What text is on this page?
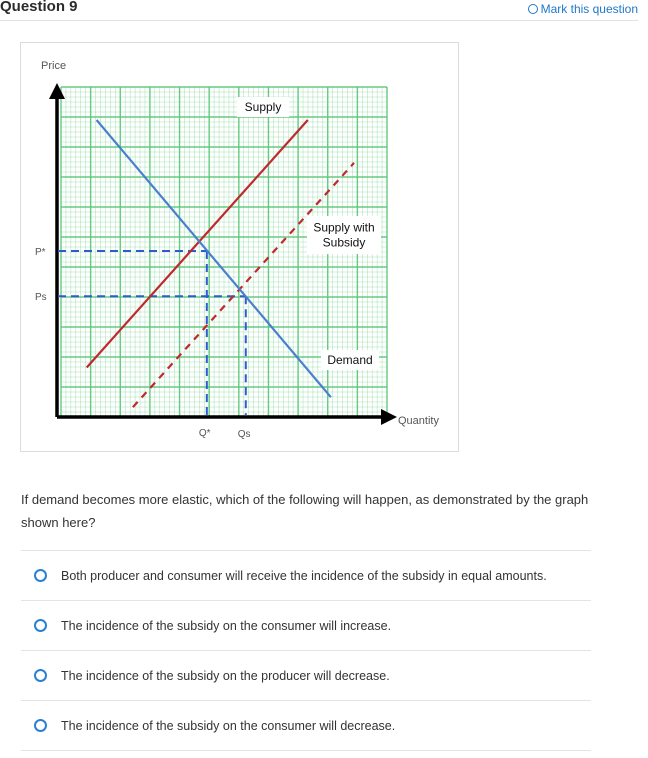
Question 9	Mark this question
Supply
Supply with
Subsidy
Demand
Price
Quantity
P*
Ps
Q*	Qs
If demand becomes more elastic, which of the following will happen, as demonstrated by the graph shown here?
Both producer and consumer will receive the incidence of the subsidy in equal amounts.
The incidence of the subsidy on the consumer will increase.
The incidence of the subsidy on the producer will decrease.
The incidence of the subsidy on the consumer will decrease.
